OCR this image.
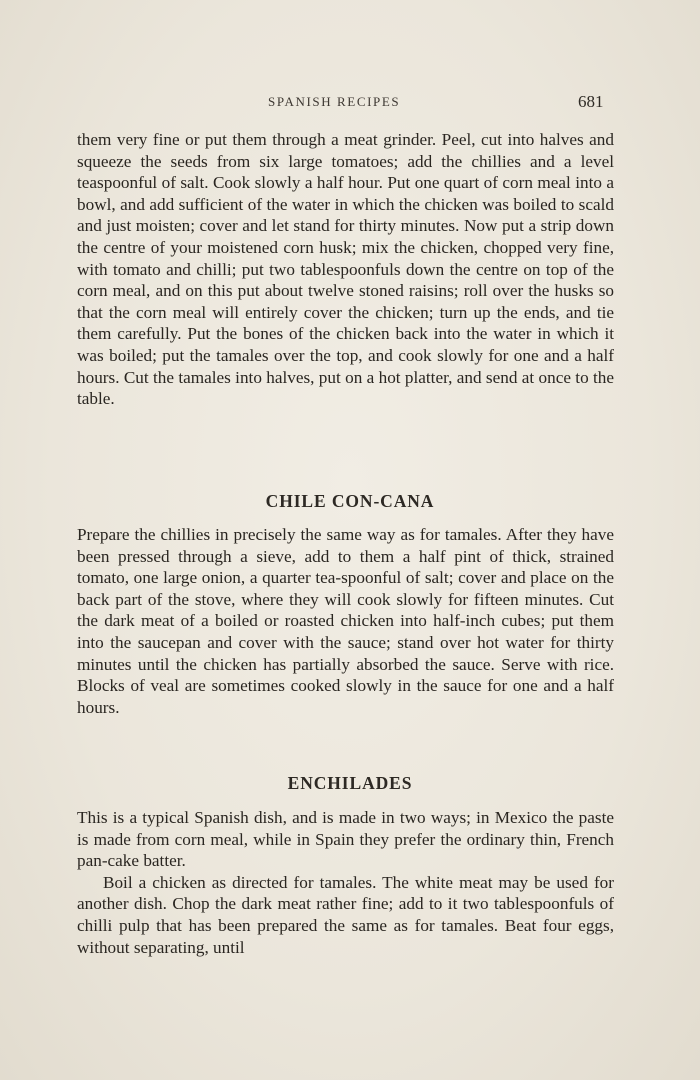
SPANISH RECIPES	681

them very fine or put them through a meat grinder. Peel, cut into halves and squeeze the seeds from six large tomatoes; add the chillies and a level teaspoonful of salt. Cook slowly a half hour. Put one quart of corn meal into a bowl, and add sufficient of the water in which the chicken was boiled to scald and just moisten; cover and let stand for thirty minutes. Now put a strip down the centre of your moistened corn husk; mix the chicken, chopped very fine, with tomato and chilli; put two tablespoonfuls down the centre on top of the corn meal, and on this put about twelve stoned raisins; roll over the husks so that the corn meal will entirely cover the chicken; turn up the ends, and tie them carefully. Put the bones of the chicken back into the water in which it was boiled; put the tamales over the top, and cook slowly for one and a half hours. Cut the tamales into halves, put on a hot platter, and send at once to the table.

CHILE CON-CANA

Prepare the chillies in precisely the same way as for tamales. After they have been pressed through a sieve, add to them a half pint of thick, strained tomato, one large onion, a quarter tea-spoonful of salt; cover and place on the back part of the stove, where they will cook slowly for fifteen minutes. Cut the dark meat of a boiled or roasted chicken into half-inch cubes; put them into the saucepan and cover with the sauce; stand over hot water for thirty minutes until the chicken has partially absorbed the sauce. Serve with rice. Blocks of veal are sometimes cooked slowly in the sauce for one and a half hours.

ENCHILADES

This is a typical Spanish dish, and is made in two ways; in Mexico the paste is made from corn meal, while in Spain they prefer the ordinary thin, French pan-cake batter.

Boil a chicken as directed for tamales. The white meat may be used for another dish. Chop the dark meat rather fine; add to it two tablespoonfuls of chilli pulp that has been prepared the same as for tamales. Beat four eggs, without separating, until
